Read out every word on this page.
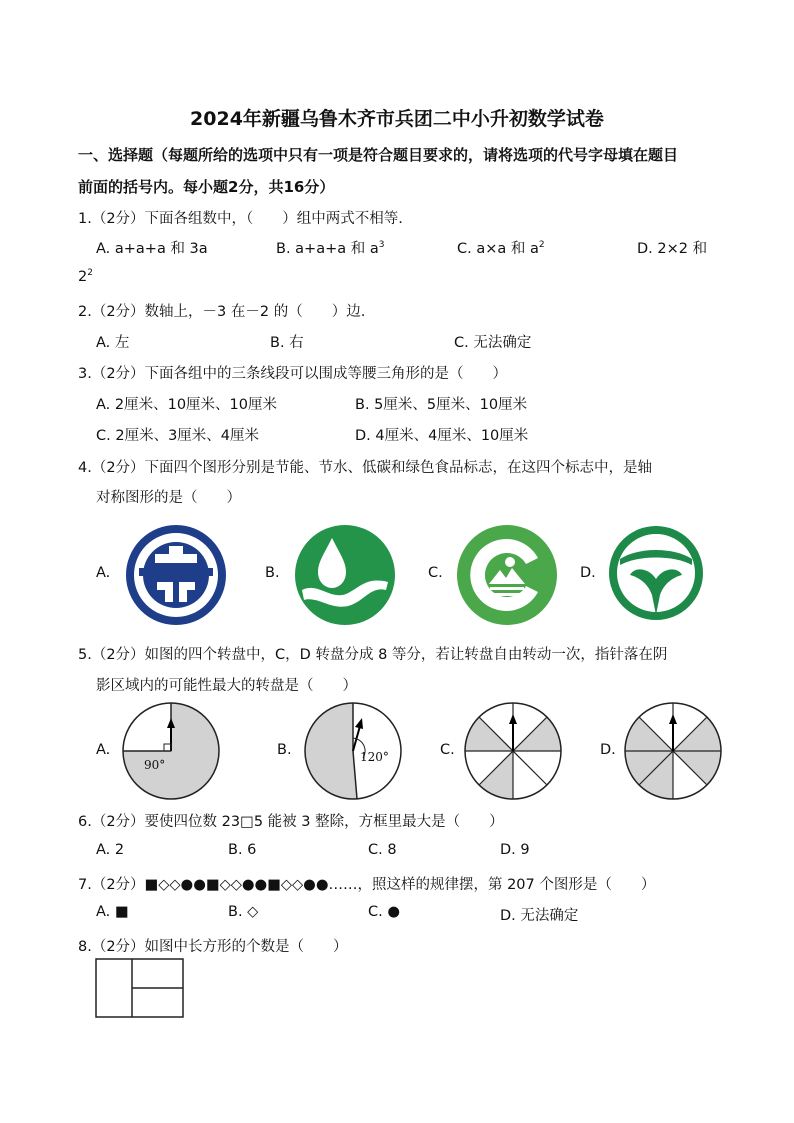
2024年新疆乌鲁木齐市兵团二中小升初数学试卷
一、选择题（每题所给的选项中只有一项是符合题目要求的，请将选项的代号字母填在题目
前面的括号内。每小题2分，共16分）
1.（2分）下面各组数中，（　　）组中两式不相等.
A. a+a+a 和 3a	B. a+a+a 和 $a^3$	C. a×a 和 $a^2$	D. 2×2 和
$2^2$
2.（2分）数轴上，－3 在－2 的（　　）边.
A. 左	B. 右	C. 无法确定
3.（2分）下面各组中的三条线段可以围成等腰三角形的是（　　）
A. 2厘米、10厘米、10厘米	B. 5厘米、5厘米、10厘米
C. 2厘米、3厘米、4厘米	D. 4厘米、4厘米、10厘米
4.（2分）下面四个图形分别是节能、节水、低碳和绿色食品标志，在这四个标志中，是轴
对称图形的是（　　）
A.	B.	C.	D.
5.（2分）如图的四个转盘中，C，D 转盘分成 8 等分，若让转盘自由转动一次，指针落在阴
影区域内的可能性最大的转盘是（　　）
A.
90°
B.	120°	C.	D.
6.（2分）要使四位数 23□5 能被 3 整除，方框里最大是（　　）
A. 2	B. 6	C. 8	D. 9
7.（2分）■◇◇●●■◇◇●●■◇◇●●……，照这样的规律摆，第 207 个图形是（　　）
A. ■	B. ◇	C. ●	D. 无法确定
8.（2分）如图中长方形的个数是（　　）
